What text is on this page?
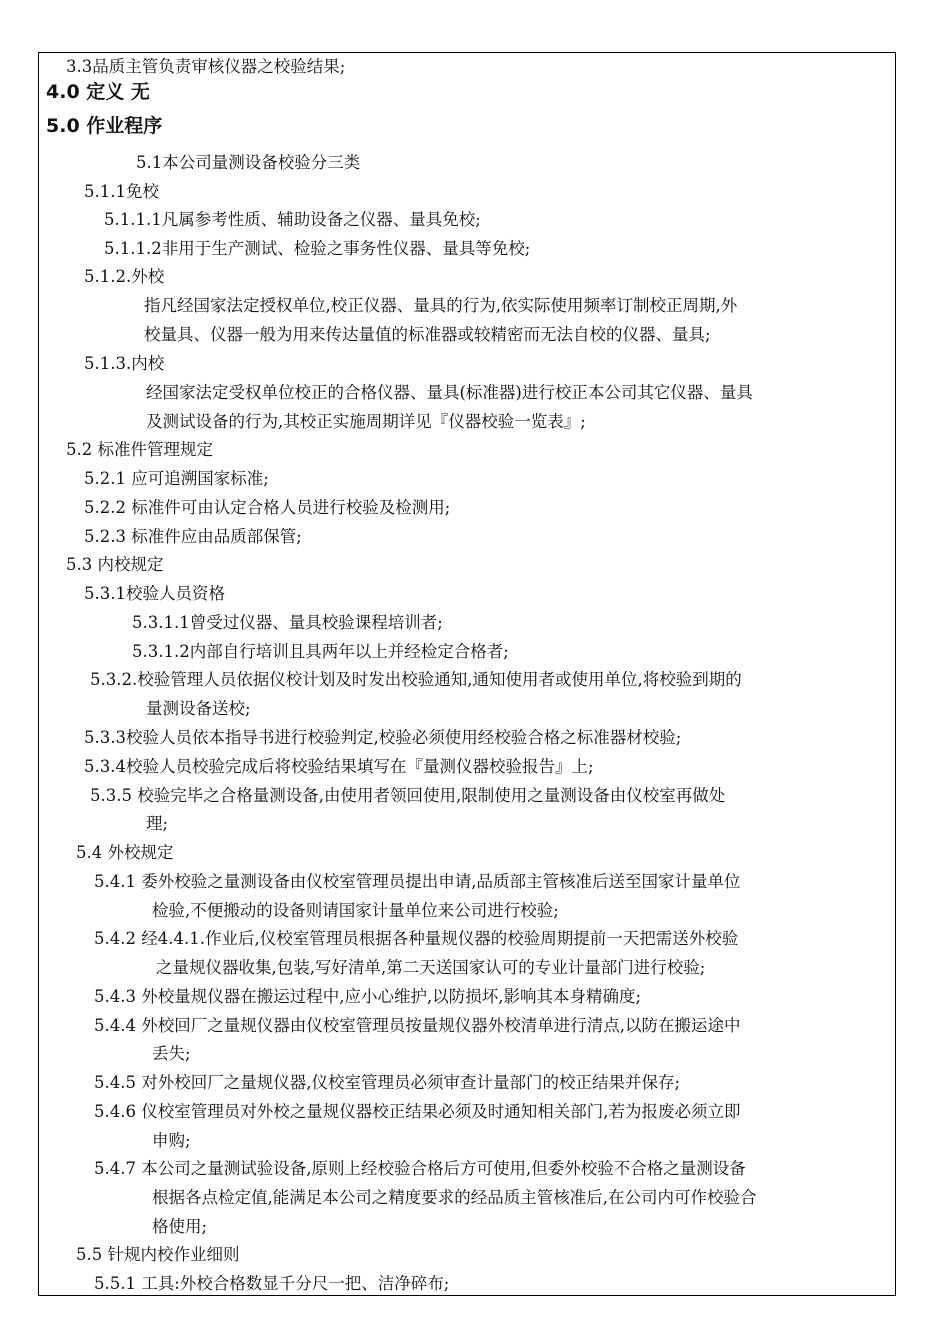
3.3品质主管负责审核仪器之校验结果;
4.0 定义 无
5.0 作业程序
5.1本公司量测设备校验分三类
5.1.1免校
5.1.1.1凡属参考性质、辅助设备之仪器、量具免校;
5.1.1.2非用于生产测试、检验之事务性仪器、量具等免校;
5.1.2.外校
指凡经国家法定授权单位,校正仪器、量具的行为,依实际使用频率订制校正周期,外
校量具、仪器一般为用来传达量值的标准器或较精密而无法自校的仪器、量具;
5.1.3.内校
经国家法定受权单位校正的合格仪器、量具(标准器)进行校正本公司其它仪器、量具
及测试设备的行为,其校正实施周期详见『仪器校验一览表』;
5.2 标准件管理规定
5.2.1 应可追溯国家标准;
5.2.2 标准件可由认定合格人员进行校验及检测用;
5.2.3 标准件应由品质部保管;
5.3 内校规定
5.3.1校验人员资格
5.3.1.1曾受过仪器、量具校验课程培训者;
5.3.1.2内部自行培训且具两年以上并经检定合格者;
5.3.2.校验管理人员依据仪校计划及时发出校验通知,通知使用者或使用单位,将校验到期的
量测设备送校;
5.3.3校验人员依本指导书进行校验判定,校验必须使用经校验合格之标准器材校验;
5.3.4校验人员校验完成后将校验结果填写在『量测仪器校验报告』上;
5.3.5 校验完毕之合格量测设备,由使用者领回使用,限制使用之量测设备由仪校室再做处
理;
5.4 外校规定
5.4.1 委外校验之量测设备由仪校室管理员提出申请,品质部主管核准后送至国家计量单位
检验,不便搬动的设备则请国家计量单位来公司进行校验;
5.4.2 经4.4.1.作业后,仪校室管理员根据各种量规仪器的校验周期提前一天把需送外校验
之量规仪器收集,包装,写好清单,第二天送国家认可的专业计量部门进行校验;
5.4.3 外校量规仪器在搬运过程中,应小心维护,以防损坏,影响其本身精确度;
5.4.4 外校回厂之量规仪器由仪校室管理员按量规仪器外校清单进行清点,以防在搬运途中
丢失;
5.4.5 对外校回厂之量规仪器,仪校室管理员必须审查计量部门的校正结果并保存;
5.4.6 仪校室管理员对外校之量规仪器校正结果必须及时通知相关部门,若为报废必须立即
申购;
5.4.7 本公司之量测试验设备,原则上经校验合格后方可使用,但委外校验不合格之量测设备
根据各点检定值,能满足本公司之精度要求的经品质主管核准后,在公司内可作校验合
格使用;
5.5 针规内校作业细则
5.5.1 工具:外校合格数显千分尺一把、洁净碎布;
